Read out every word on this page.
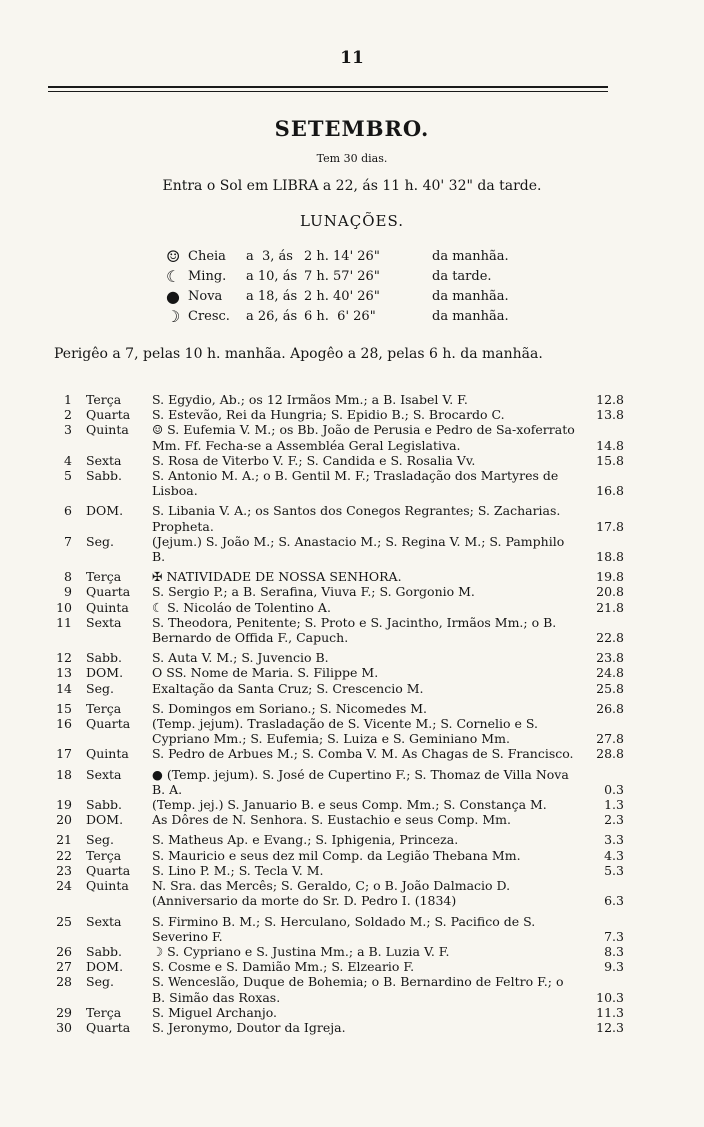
11
SETEMBRO.
Tem 30 dias.
Entra o Sol em LIBRA a 22, ás 11 h. 40' 32" da tarde.
LUNAÇÕES.
☺ Cheia	a  3, ás 2 h. 14' 26"	da manhãa.
☾ Ming.	a 10, ás 7 h. 57' 26"	da tarde.
● Nova	a 18, ás 2 h. 40' 26"	da manhãa.
☽ Cresc.	a 26, ás 6 h.  6' 26"	da manhãa.
Perigêo a 7, pelas 10 h. manhãa. Apogêo a 28, pelas 6 h. da manhãa.
1	Terça	S. Egydio, Ab.; os 12 Irmãos Mm.; a B. Isabel V. F.	12.8
2	Quarta	S. Estevão, Rei da Hungria; S. Epidio B.; S. Brocardo C.	13.8
3	Quinta	☺ S. Eufemia V. M.; os Bb. João de Perusia e Pedro de Sa-xoferrato Mm. Ff. Fecha-se a Assembléa Geral Legislativa.	14.8
4	Sexta	S. Rosa de Viterbo V. F.; S. Candida e S. Rosalia Vv.	15.8
5	Sabb.	S. Antonio M. A.; o B. Gentil M. F.; Trasladação dos Martyres de Lisboa.	16.8
6	DOM.	S. Libania V. A.; os Santos dos Conegos Regrantes; S. Zacharias. Propheta.	17.8
7	Seg.	(Jejum.) S. João M.; S. Anastacio M.; S. Regina V. M.; S. Pamphilo B.	18.8
8	Terça	✠ NATIVIDADE DE NOSSA SENHORA.	19.8
9	Quarta	S. Sergio P.; a B. Serafina, Viuva F.; S. Gorgonio M.	20.8
10	Quinta	☾ S. Nicoláo de Tolentino A.	21.8
11	Sexta	S. Theodora, Penitente; S. Proto e S. Jacintho, Irmãos Mm.; o B. Bernardo de Offida F., Capuch.	22.8
12	Sabb.	S. Auta V. M.; S. Juvencio B.	23.8
13	DOM.	O SS. Nome de Maria. S. Filippe M.	24.8
14	Seg.	Exaltação da Santa Cruz; S. Crescencio M.	25.8
15	Terça	S. Domingos em Soriano.; S. Nicomedes M.	26.8
16	Quarta	(Temp. jejum). Trasladação de S. Vicente M.; S. Cornelio e S. Cypriano Mm.; S. Eufemia; S. Luiza e S. Geminiano Mm.	27.8
17	Quinta	S. Pedro de Arbues M.; S. Comba V. M. As Chagas de S. Francisco.	28.8
18	Sexta	● (Temp. jejum). S. José de Cupertino F.; S. Thomaz de Villa Nova B. A.	0.3
19	Sabb.	(Temp. jej.) S. Januario B. e seus Comp. Mm.; S. Constança M.	1.3
20	DOM.	As Dôres de N. Senhora. S. Eustachio e seus Comp. Mm.	2.3
21	Seg.	S. Matheus Ap. e Evang.; S. Iphigenia, Princeza.	3.3
22	Terça	S. Mauricio e seus dez mil Comp. da Legião Thebana Mm.	4.3
23	Quarta	S. Lino P. M.; S. Tecla V. M.	5.3
24	Quinta	N. Sra. das Mercês; S. Geraldo, C; o B. João Dalmacio D. (Anniversario da morte do Sr. D. Pedro I. (1834)	6.3
25	Sexta	S. Firmino B. M.; S. Herculano, Soldado M.; S. Pacifico de S. Severino F.	7.3
26	Sabb.	☽ S. Cypriano e S. Justina Mm.; a B. Luzia V. F.	8.3
27	DOM.	S. Cosme e S. Damião Mm.; S. Elzeario F.	9.3
28	Seg.	S. Wenceslão, Duque de Bohemia; o B. Bernardino de Feltro F.; o B. Simão das Roxas.	10.3
29	Terça	S. Miguel Archanjo.	11.3
30	Quarta	S. Jeronymo, Doutor da Igreja.	12.3
